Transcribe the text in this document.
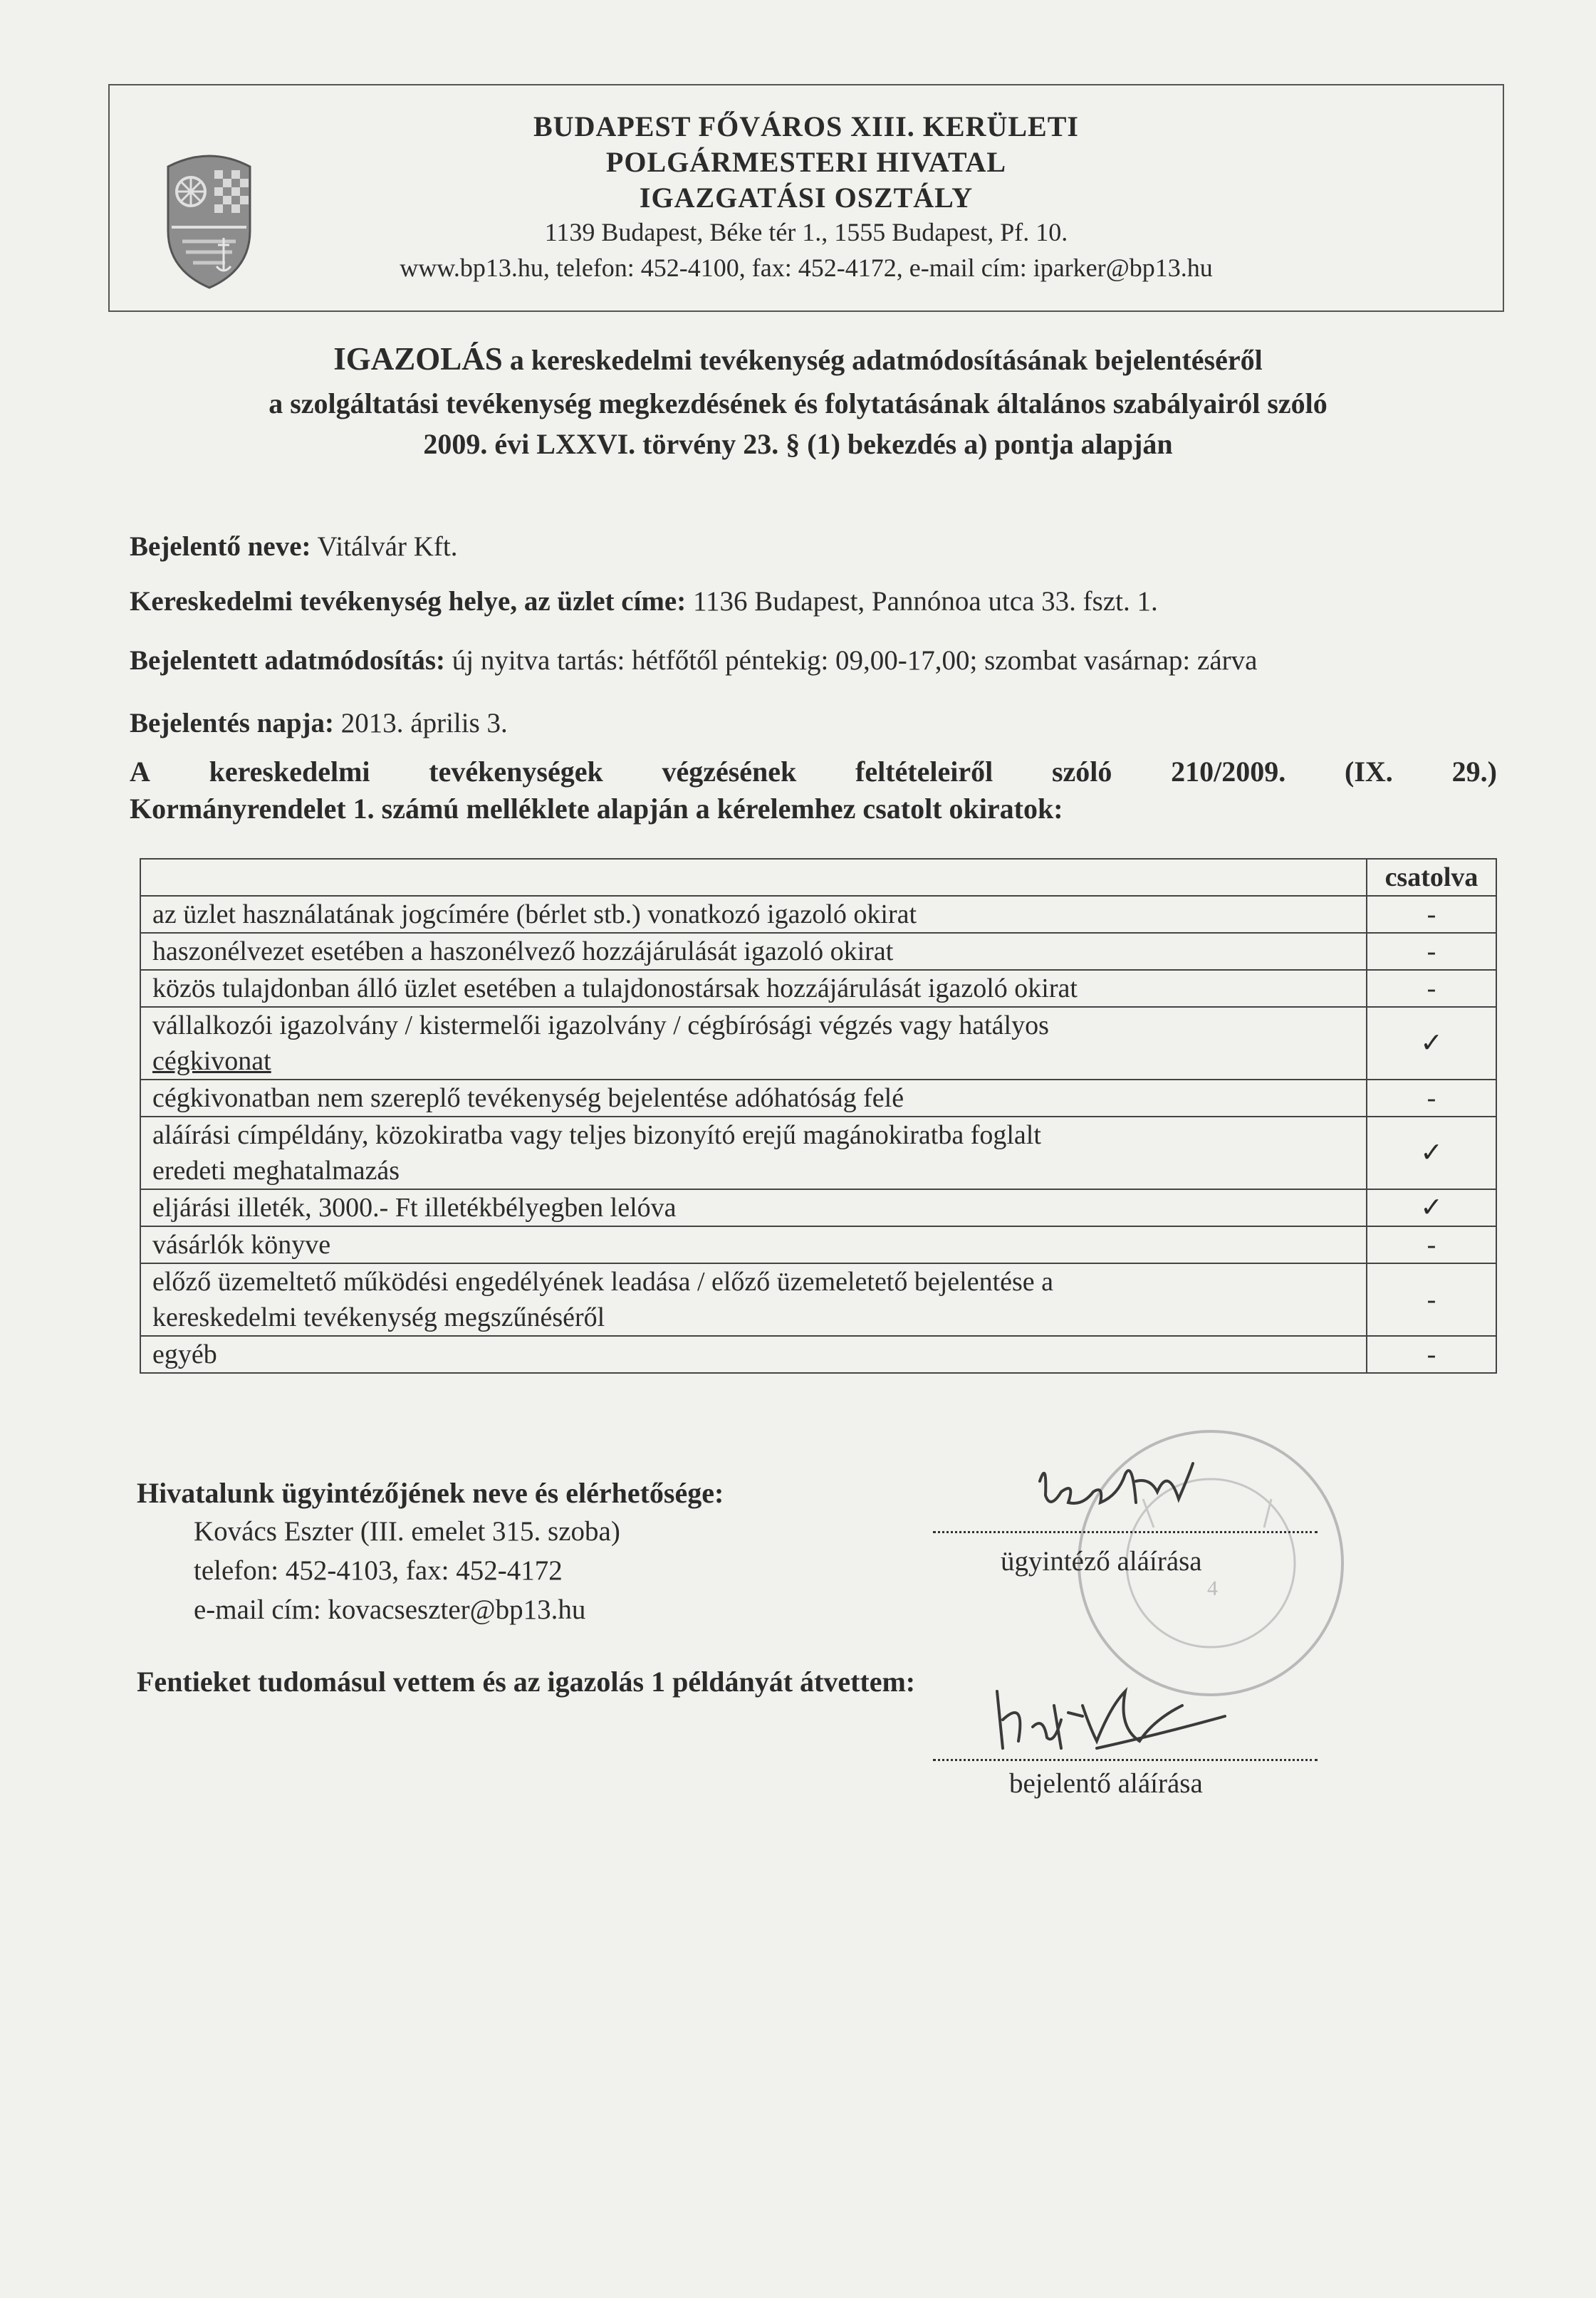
BUDAPEST FŐVÁROS XIII. KERÜLETI
POLGÁRMESTERI HIVATAL
IGAZGATÁSI OSZTÁLY
1139 Budapest, Béke tér 1., 1555 Budapest, Pf. 10.
www.bp13.hu, telefon: 452-4100, fax: 452-4172, e-mail cím: iparker@bp13.hu
IGAZOLÁS a kereskedelmi tevékenység adatmódosításának bejelentéséről
a szolgáltatási tevékenység megkezdésének és folytatásának általános szabályairól szóló
2009. évi LXXVI. törvény 23. § (1) bekezdés a) pontja alapján
Bejelentő neve: Vitálvár Kft.
Kereskedelmi tevékenység helye, az üzlet címe: 1136 Budapest, Pannónoa utca 33. fszt. 1.
Bejelentett adatmódosítás: új nyitva tartás: hétfőtől péntekig: 09,00-17,00; szombat vasárnap: zárva
Bejelentés napja: 2013. április 3.
A kereskedelmi tevékenységek végzésének feltételeiről szóló 210/2009. (IX. 29.)
Kormányrendelet 1. számú melléklete alapján a kérelemhez csatolt okiratok:
	csatolva
az üzlet használatának jogcímére (bérlet stb.) vonatkozó igazoló okirat	-
haszonélvezet esetében a haszonélvező hozzájárulását igazoló okirat	-
közös tulajdonban álló üzlet esetében a tulajdonostársak hozzájárulását igazoló okirat	-

vállalkozói igazolvány / kistermelői igazolvány / cégbírósági végzés vagy hatályos
cégkivonat	✓
cégkivonatban nem szereplő tevékenység bejelentése adóhatóság felé	-

aláírási címpéldány, közokiratba vagy teljes bizonyító erejű magánokiratba foglalt
eredeti meghatalmazás	✓
eljárási illeték, 3000.- Ft illetékbélyegben lelóva	✓
vásárlók könyve	-

előző üzemeltető működési engedélyének leadása / előző üzemeletető bejelentése a
kereskedelmi tevékenység megszűnéséről	-
egyéb	-
Hivatalunk ügyintézőjének neve és elérhetősége:
Kovács Eszter (III. emelet 315. szoba)
telefon: 452-4103, fax: 452-4172
e-mail cím: kovacseszter@bp13.hu
4
ügyintéző aláírása
Fentieket tudomásul vettem és az igazolás 1 példányát átvettem:
bejelentő aláírása
